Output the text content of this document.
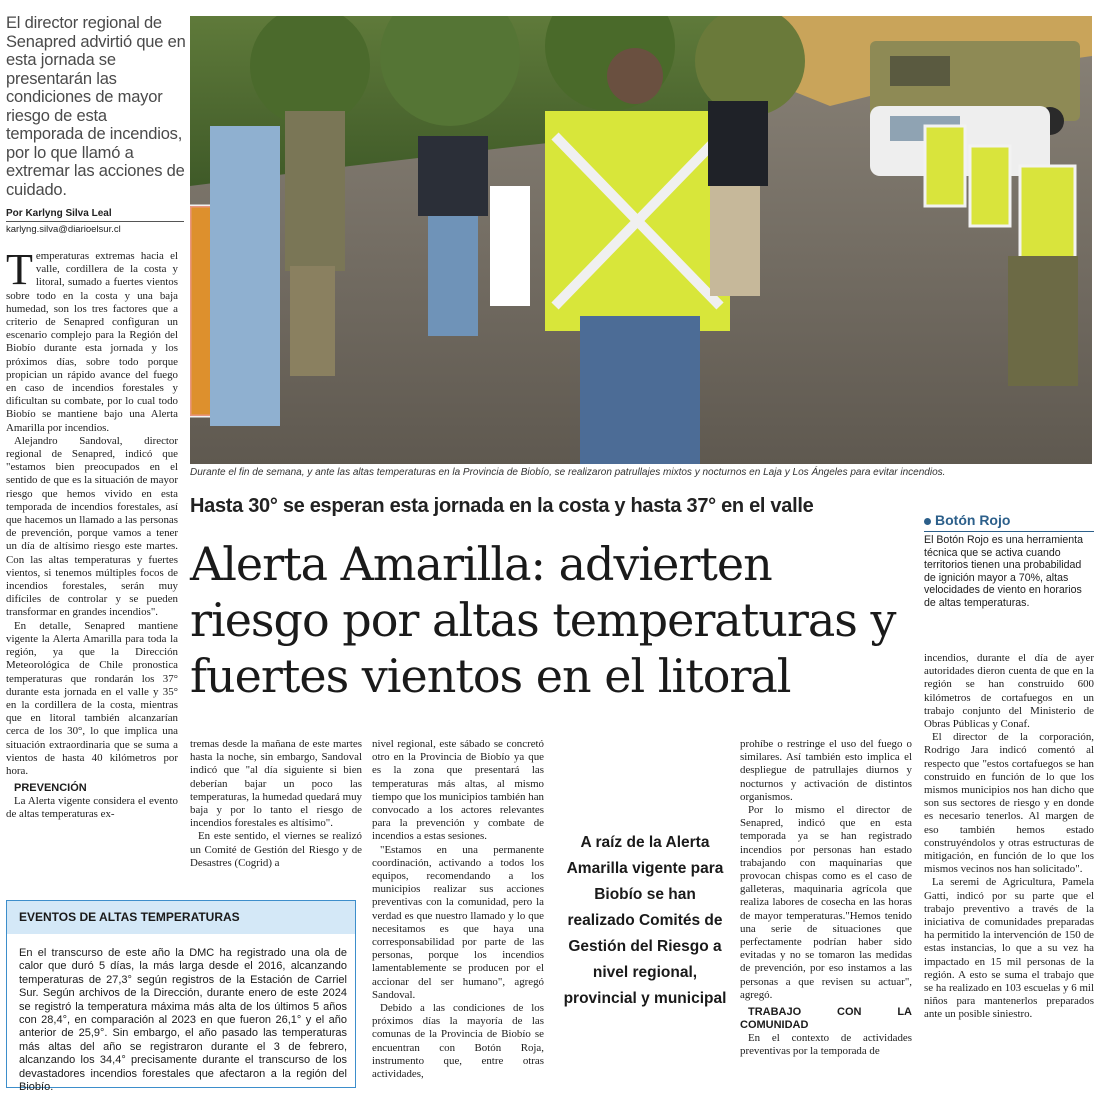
El director regional de Senapred advirtió que en esta jornada se presentarán las condiciones de mayor riesgo de esta temporada de incendios, por lo que llamó a extremar las acciones de cuidado.
Por Karlyng Silva Leal
karlyng.silva@diarioelsur.cl

Temperaturas extremas hacia el valle, cordillera de la costa y litoral, sumado a fuertes vientos sobre todo en la costa y una baja humedad, son los tres factores que a criterio de Senapred configuran un escenario complejo para la Región del Biobío durante esta jornada y los próximos días, sobre todo porque propician un rápido avance del fuego en caso de incendios forestales y dificultan su combate, por lo cual todo Biobío se mantiene bajo una Alerta Amarilla por incendios.

Alejandro Sandoval, director regional de Senapred, indicó que "estamos bien preocupados en el sentido de que es la situación de mayor riesgo que hemos vivido en esta temporada de incendios forestales, así que hacemos un llamado a las personas de prevención, porque vamos a tener un día de altísimo riesgo este martes. Con las altas temperaturas y fuertes vientos, si tenemos múltiples focos de incendios forestales, serán muy difíciles de controlar y se pueden transformar en grandes incendios".

En detalle, Senapred mantiene vigente la Alerta Amarilla para toda la región, ya que la Dirección Meteorológica de Chile pronostica temperaturas que rondarán los 37° durante esta jornada en el valle y 35° en la cordillera de la costa, mientras que en litoral también alcanzarían cerca de los 30°, lo que implica una situación extraordinaria que se suma a vientos de hasta 40 kilómetros por hora.

PREVENCIÓN

La Alerta vigente considera el evento de altas temperaturas ex-

Durante el fin de semana, y ante las altas temperaturas en la Provincia de Biobío, se realizaron patrullajes mixtos y nocturnos en Laja y Los Ángeles para evitar incendios.
Hasta 30° se esperan esta jornada en la costa y hasta 37° en el valle
Alerta Amarilla: advierten riesgo por altas temperaturas y fuertes vientos en el litoral
Botón Rojo
El Botón Rojo es una herramienta técnica que se activa cuando territorios tienen una probabilidad de ignición mayor a 70%, altas velocidades de viento en horarios de altas temperaturas.

tremas desde la mañana de este martes hasta la noche, sin embargo, Sandoval indicó que "al día siguiente si bien deberían bajar un poco las temperaturas, la humedad quedará muy baja y por lo tanto el riesgo de incendios forestales es altísimo".

En este sentido, el viernes se realizó un Comité de Gestión del Riesgo y de Desastres (Cogrid) a

nivel regional, este sábado se concretó otro en la Provincia de Biobío ya que es la zona que presentará las temperaturas más altas, al mismo tiempo que los municipios también han convocado a los actores relevantes para la prevención y combate de incendios a estas sesiones.

"Estamos en una permanente coordinación, activando a todos los equipos, recomendando a los municipios realizar sus acciones preventivas con la comunidad, pero la verdad es que nuestro llamado y lo que necesitamos es que haya una corresponsabilidad por parte de las personas, porque los incendios lamentablemente se producen por el accionar del ser humano", agregó Sandoval.

Debido a las condiciones de los próximos días la mayoría de las comunas de la Provincia de Biobío se encuentran con Botón Roja, instrumento que, entre otras actividades,

A raíz de la Alerta Amarilla vigente para Biobío se han realizado Comités de Gestión del Riesgo a nivel regional, provincial y municipal

prohíbe o restringe el uso del fuego o similares. Así también esto implica el despliegue de patrullajes diurnos y nocturnos y activación de distintos organismos.

Por lo mismo el director de Senapred, indicó que en esta temporada ya se han registrado incendios por personas han estado trabajando con maquinarias que provocan chispas como es el caso de galleteras, maquinaria agrícola que realiza labores de cosecha en las horas de mayor temperaturas."Hemos tenido una serie de situaciones que perfectamente podrían haber sido evitadas y no se tomaron las medidas de prevención, por eso instamos a las personas a que revisen su actuar", agregó.

TRABAJO CON LA COMUNIDAD

En el contexto de actividades preventivas por la temporada de

incendios, durante el día de ayer autoridades dieron cuenta de que en la región se han construido 600 kilómetros de cortafuegos en un trabajo conjunto del Ministerio de Obras Públicas y Conaf.

El director de la corporación, Rodrigo Jara indicó comentó al respecto que "estos cortafuegos se han construido en función de lo que los mismos municipios nos han dicho que son sus sectores de riesgo y en donde es necesario tenerlos. Al margen de eso también hemos estado construyéndolos y otras estructuras de mitigación, en función de lo que los mismos vecinos nos han solicitado".

La seremi de Agricultura, Pamela Gatti, indicó por su parte que el trabajo preventivo a través de la iniciativa de comunidades preparadas ha permitido la intervención de 150 de estas instancias, lo que a su vez ha impactado en 15 mil personas de la región. A esto se suma el trabajo que se ha realizado en 103 escuelas y 6 mil niños para mantenerlos preparados ante un posible siniestro.

EVENTOS DE ALTAS TEMPERATURAS
En el transcurso de este año la DMC ha registrado una ola de calor que duró 5 días, la más larga desde el 2016, alcanzando temperaturas de 27,3° según registros de la Estación de Carriel Sur. Según archivos de la Dirección, durante enero de este 2024 se registró la temperatura máxima más alta de los últimos 5 años con 28,4°, en comparación al 2023 en que fueron 26,1° y el año anterior de 25,9°. Sin embargo, el año pasado las temperaturas más altas del año se registraron durante el 3 de febrero, alcanzando los 34,4° precisamente durante el transcurso de los devastadores incendios forestales que afectaron a la región del Biobío.
